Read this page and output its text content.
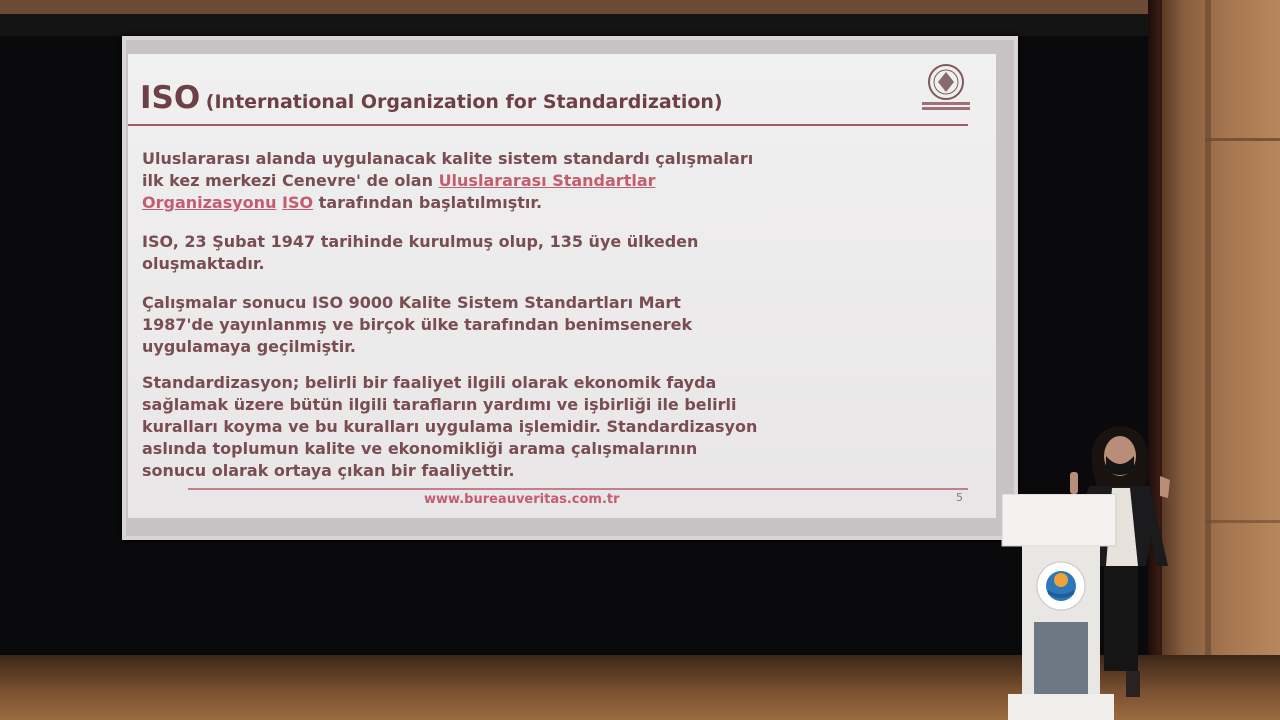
ISO (International Organization for Standardization)

Uluslararası alanda uygulanacak kalite sistem standardı çalışmaları
ilk kez merkezi Cenevre' de olan Uluslararası Standartlar
Organizasyonu ISO tarafından başlatılmıştır.

ISO, 23 Şubat 1947 tarihinde kurulmuş olup, 135 üye ülkeden
oluşmaktadır.

Çalışmalar sonucu ISO 9000 Kalite Sistem Standartları Mart
1987'de yayınlanmış ve birçok ülke tarafından benimsenerek
uygulamaya geçilmiştir.

Standardizasyon; belirli bir faaliyet ilgili olarak ekonomik fayda
sağlamak üzere bütün ilgili tarafların yardımı ve işbirliği ile belirli
kuralları koyma ve bu kuralları uygulama işlemidir. Standardizasyon
aslında toplumun kalite ve ekonomikliği arama çalışmalarının
sonucu olarak ortaya çıkan bir faaliyettir.

www.bureauveritas.com.tr	5
